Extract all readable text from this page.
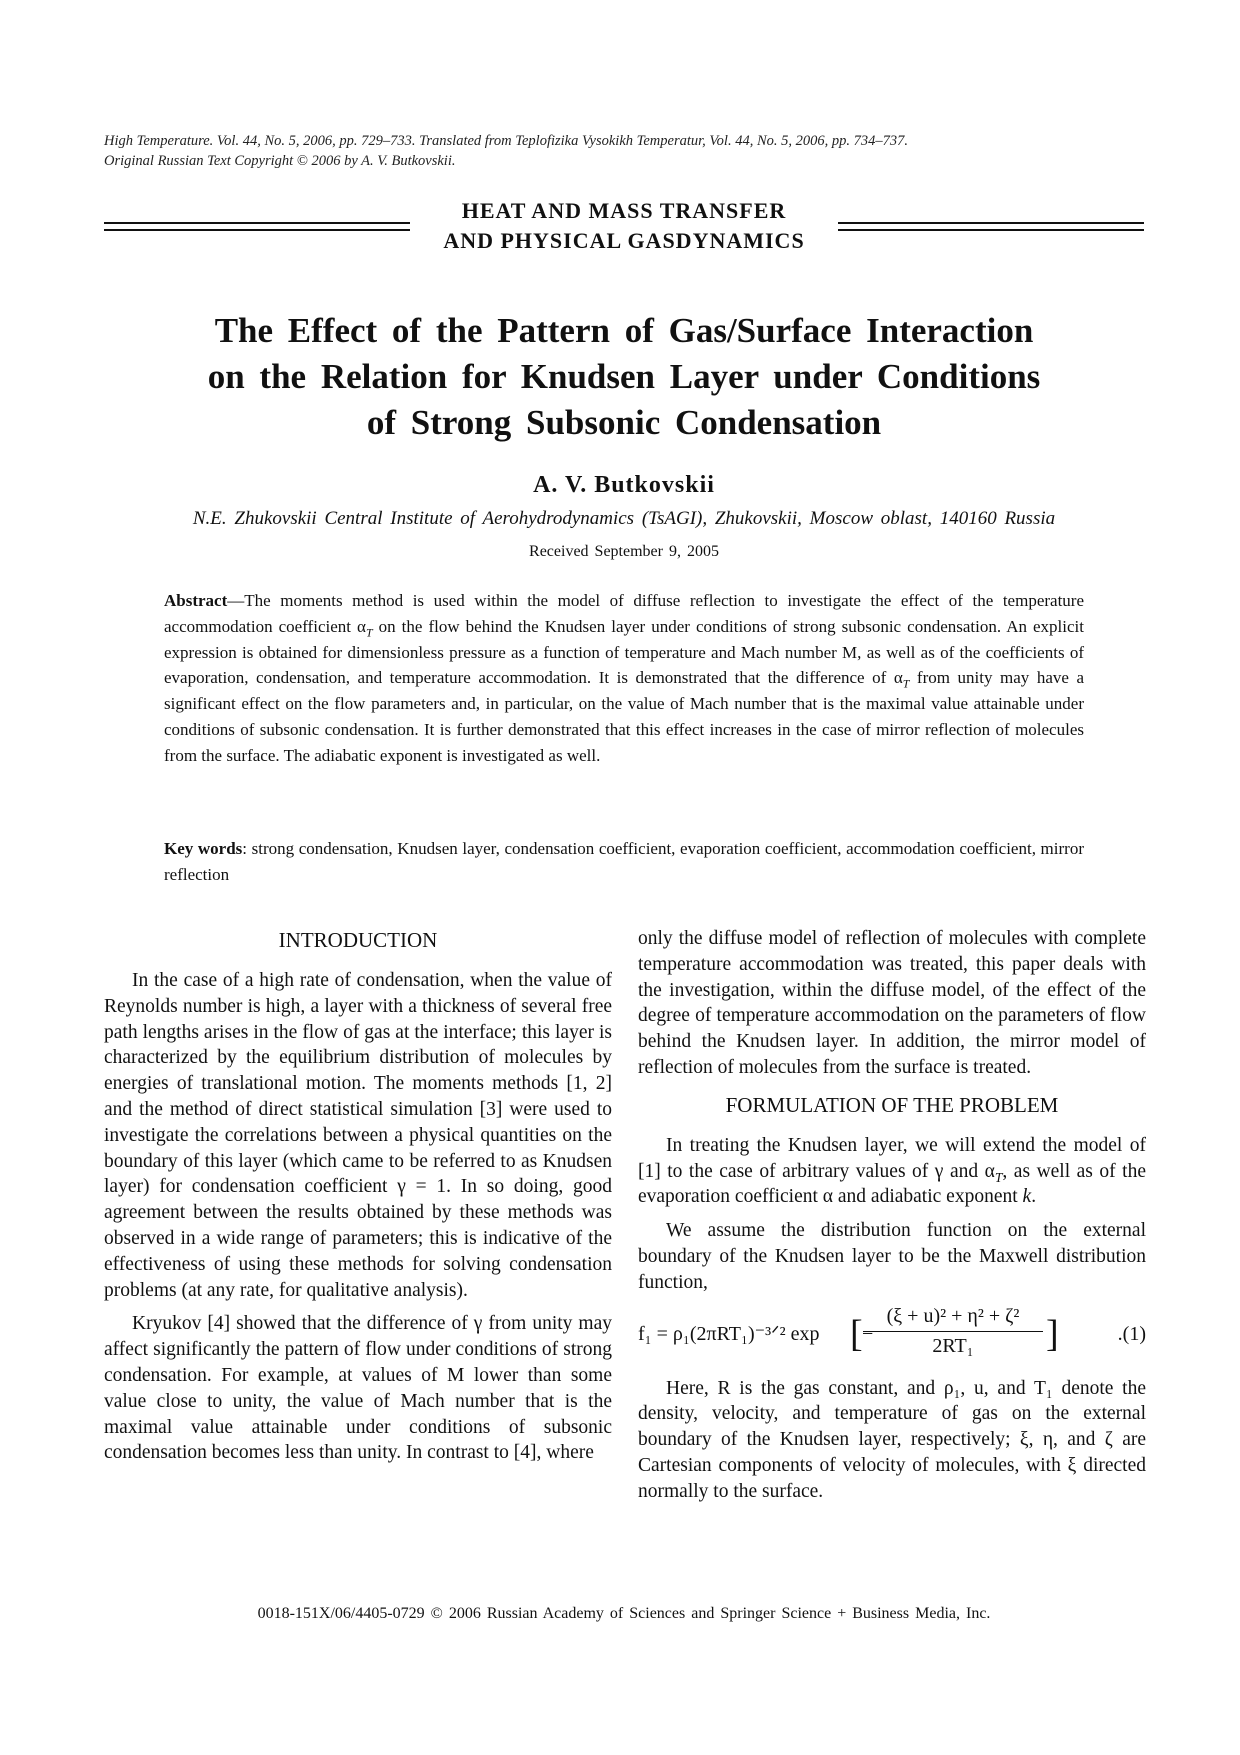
High Temperature. Vol. 44, No. 5, 2006, pp. 729–733. Translated from Teplofizika Vysokikh Temperatur, Vol. 44, No. 5, 2006, pp. 734–737.
Original Russian Text Copyright © 2006 by A. V. Butkovskii.
HEAT AND MASS TRANSFER
AND PHYSICAL GASDYNAMICS
The Effect of the Pattern of Gas/Surface Interaction
on the Relation for Knudsen Layer under Conditions
of Strong Subsonic Condensation
A. V. Butkovskii
N.E. Zhukovskii Central Institute of Aerohydrodynamics (TsAGI), Zhukovskii, Moscow oblast, 140160 Russia
Received September 9, 2005
Abstract—The moments method is used within the model of diffuse reflection to investigate the effect of the temperature accommodation coefficient $\alpha_T$ on the flow behind the Knudsen layer under conditions of strong subsonic condensation. An explicit expression is obtained for dimensionless pressure as a function of temperature and Mach number M, as well as of the coefficients of evaporation, condensation, and temperature accommodation. It is demonstrated that the difference of $\alpha_T$ from unity may have a significant effect on the flow parameters and, in particular, on the value of Mach number that is the maximal value attainable under conditions of subsonic condensation. It is further demonstrated that this effect increases in the case of mirror reflection of molecules from the surface. The adiabatic exponent is investigated as well.
Key words: strong condensation, Knudsen layer, condensation coefficient, evaporation coefficient, accommodation coefficient, mirror reflection
INTRODUCTION

In the case of a high rate of condensation, when the value of Reynolds number is high, a layer with a thickness of several free path lengths arises in the flow of gas at the interface; this layer is characterized by the equilibrium distribution of molecules by energies of translational motion. The moments methods [1, 2] and the method of direct statistical simulation [3] were used to investigate the correlations between a physical quantities on the boundary of this layer (which came to be referred to as Knudsen layer) for condensation coefficient γ = 1. In so doing, good agreement between the results obtained by these methods was observed in a wide range of parameters; this is indicative of the effectiveness of using these methods for solving condensation problems (at any rate, for qualitative analysis).

Kryukov [4] showed that the difference of γ from unity may affect significantly the pattern of flow under conditions of strong condensation. For example, at values of M lower than some value close to unity, the value of Mach number that is the maximal value attainable under conditions of subsonic condensation becomes less than unity. In contrast to [4], where

only the diffuse model of reflection of molecules with complete temperature accommodation was treated, this paper deals with the investigation, within the diffuse model, of the effect of the degree of temperature accommodation on the parameters of flow behind the Knudsen layer. In addition, the mirror model of reflection of molecules from the surface is treated.

FORMULATION OF THE PROBLEM

In treating the Knudsen layer, we will extend the model of [1] to the case of arbitrary values of γ and $\alpha_T$, as well as of the evaporation coefficient α and adiabatic exponent k.

We assume the distribution function on the external boundary of the Knudsen layer to be the Maxwell distribution function,

f₁ = ρ₁(2πRT₁)⁻³ᐟ² exp [ −
$\frac{\text{(ξ + u)² + η² + ζ²}}{\text{2RT₁}}$ ]	.(1)

Here, R is the gas constant, and ρ₁, u, and T₁ denote the density, velocity, and temperature of gas on the external boundary of the Knudsen layer, respectively; ξ, η, and ζ are Cartesian components of velocity of molecules, with ξ directed normally to the surface.

0018-151X/06/4405-0729 © 2006 Russian Academy of Sciences and Springer Science + Business Media, Inc.
